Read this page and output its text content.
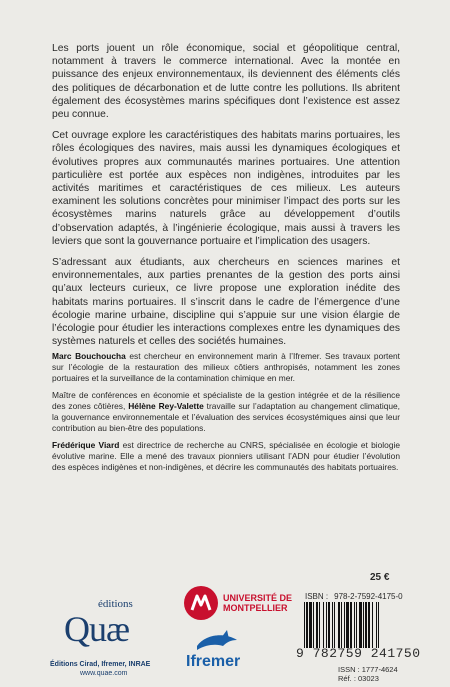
Les ports jouent un rôle économique, social et géopolitique central, notamment à travers le commerce international. Avec la montée en puissance des enjeux environnementaux, ils deviennent des éléments clés des politiques de décarbonation et de lutte contre les pollutions. Ils abritent également des écosystèmes marins spécifiques dont l’existence est assez peu connue.

Cet ouvrage explore les caractéristiques des habitats marins portuaires, les rôles écologiques des navires, mais aussi les dynamiques écologiques et évolutives propres aux communautés marines portuaires. Une attention particulière est portée aux espèces non indigènes, introduites par les activités maritimes et caractéristiques de ces milieux. Les auteurs examinent les solutions concrètes pour minimiser l’impact des ports sur les écosystèmes marins naturels grâce au développement d’outils d’observation adaptés, à l’ingénierie écologique, mais aussi à travers les leviers que sont la gouvernance portuaire et l’implication des usagers.

S’adressant aux étudiants, aux chercheurs en sciences marines et environnementales, aux parties prenantes de la gestion des ports ainsi qu’aux lecteurs curieux, ce livre propose une exploration inédite des habitats marins portuaires. Il s’inscrit dans le cadre de l’émergence d’une écologie marine urbaine, discipline qui s’appuie sur une vision élargie de l’écologie pour étudier les interactions complexes entre les dynamiques des systèmes naturels et celles des sociétés humaines.

Marc Bouchoucha est chercheur en environnement marin à l’Ifremer. Ses travaux portent sur l’écologie de la restauration des milieux côtiers anthropisés, notamment les zones portuaires et la surveillance de la contamination chimique en mer.

Maître de conférences en économie et spécialiste de la gestion intégrée et de la résilience des zones côtières, Hélène Rey-Valette travaille sur l’adaptation au changement climatique, la gouvernance environnementale et l’évaluation des services écosystémiques ainsi que leur contribution au bien-être des populations.

Frédérique Viard est directrice de recherche au CNRS, spécialisée en écologie et biologie évolutive marine. Elle a mené des travaux pionniers utilisant l’ADN pour étudier l’évolution des espèces indigènes et non-indigènes, et décrire les communautés des habitats portuaires.

éditions
Quæ
Éditions Cirad, Ifremer, INRAE
www.quae.com
UNIVERSITÉ DE
MONTPELLIER
Ifremer
25 €
ISBN : 978-2-7592-4175-0
9 782759 241750
ISSN : 1777-4624
Réf. : 03023
